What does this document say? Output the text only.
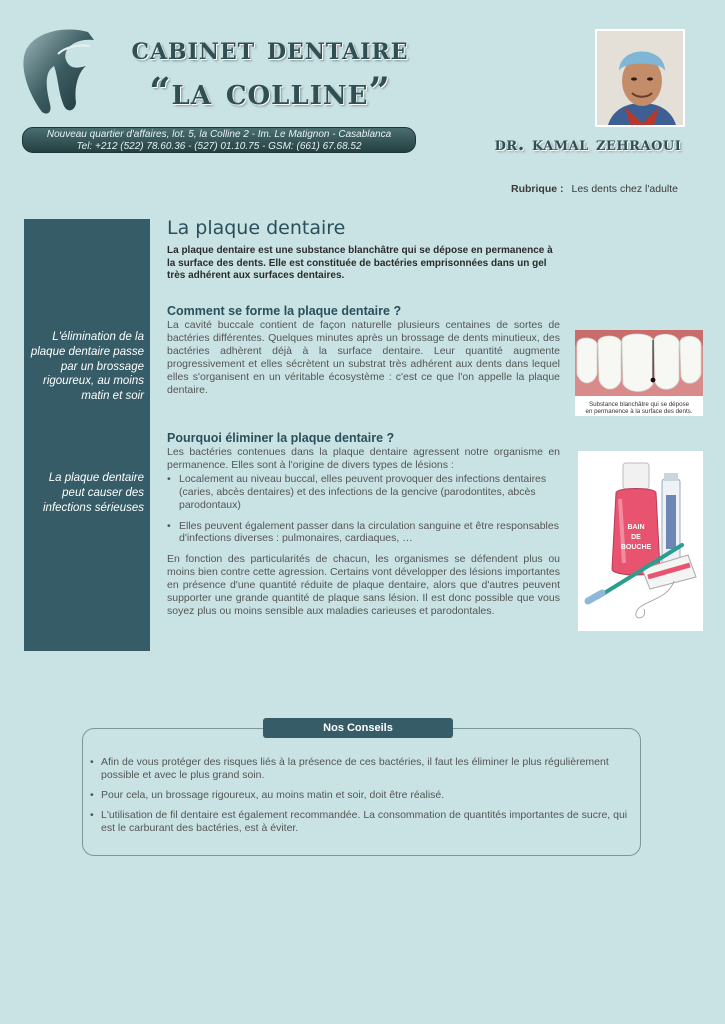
cabinet dentaire
“la colline”
Nouveau quartier d'affaires, lot. 5, la Colline 2 - Im. Le Matignon - Casablanca
Tel: +212 (522) 78.60.36 - (527) 01.10.75 - GSM: (661) 67.68.52	dr. kamal zehraoui
Rubrique : Les dents chez l'adulte
L'élimination de la plaque dentaire passe par un brossage rigoureux, au moins matin et soir
La plaque dentaire peut causer des infections sérieuses
La plaque dentaire

La plaque dentaire est une substance blanchâtre qui se dépose en permanence à la surface des dents. Elle est constituée de bactéries emprisonnées dans un gel très adhérent aux surfaces dentaires.

Comment se forme la plaque dentaire ?

La cavité buccale contient de façon naturelle plusieurs centaines de sortes de bactéries différentes. Quelques minutes après un brossage de dents minutieux, des bactéries adhèrent déjà à la surface dentaire. Leur quantité augmente progressivement et elles sécrètent un substrat très adhérent aux dents dans lequel elles s'organisent en un véritable écosystème : c'est ce que l'on appelle la plaque dentaire.

Pourquoi éliminer la plaque dentaire ?

Les bactéries contenues dans la plaque dentaire agressent notre organisme en permanence. Elles sont à l'origine de divers types de lésions :

• Localement au niveau buccal, elles peuvent provoquer des infections dentaires
(caries, abcès dentaires) et des infections de la gencive (parodontites, abcès parodontaux)
• Elles peuvent également passer dans la circulation sanguine et être responsables d'infections diverses : pulmonaires, cardiaques, …

En fonction des particularités de chacun, les organismes se défendent plus ou moins bien contre cette agression. Certains vont développer des lésions importantes en présence d'une quantité réduite de plaque dentaire, alors que d'autres peuvent supporter une grande quantité de plaque sans lésion. Il est donc possible que vous soyez plus ou moins sensible aux maladies carieuses et parodontales.

Substance blanchâtre qui se dépose
en permanence à la surface des dents.
BAIN
DE
BOUCHE
Nos Conseils
• Afin de vous protéger des risques liés à la présence de ces bactéries, il faut les éliminer le plus régulièrement possible et avec le plus grand soin.
• Pour cela, un brossage rigoureux, au moins matin et soir, doit être réalisé.
• L'utilisation de fil dentaire est également recommandée. La consommation de quantités importantes de sucre, qui est le carburant des bactéries, est à éviter.
